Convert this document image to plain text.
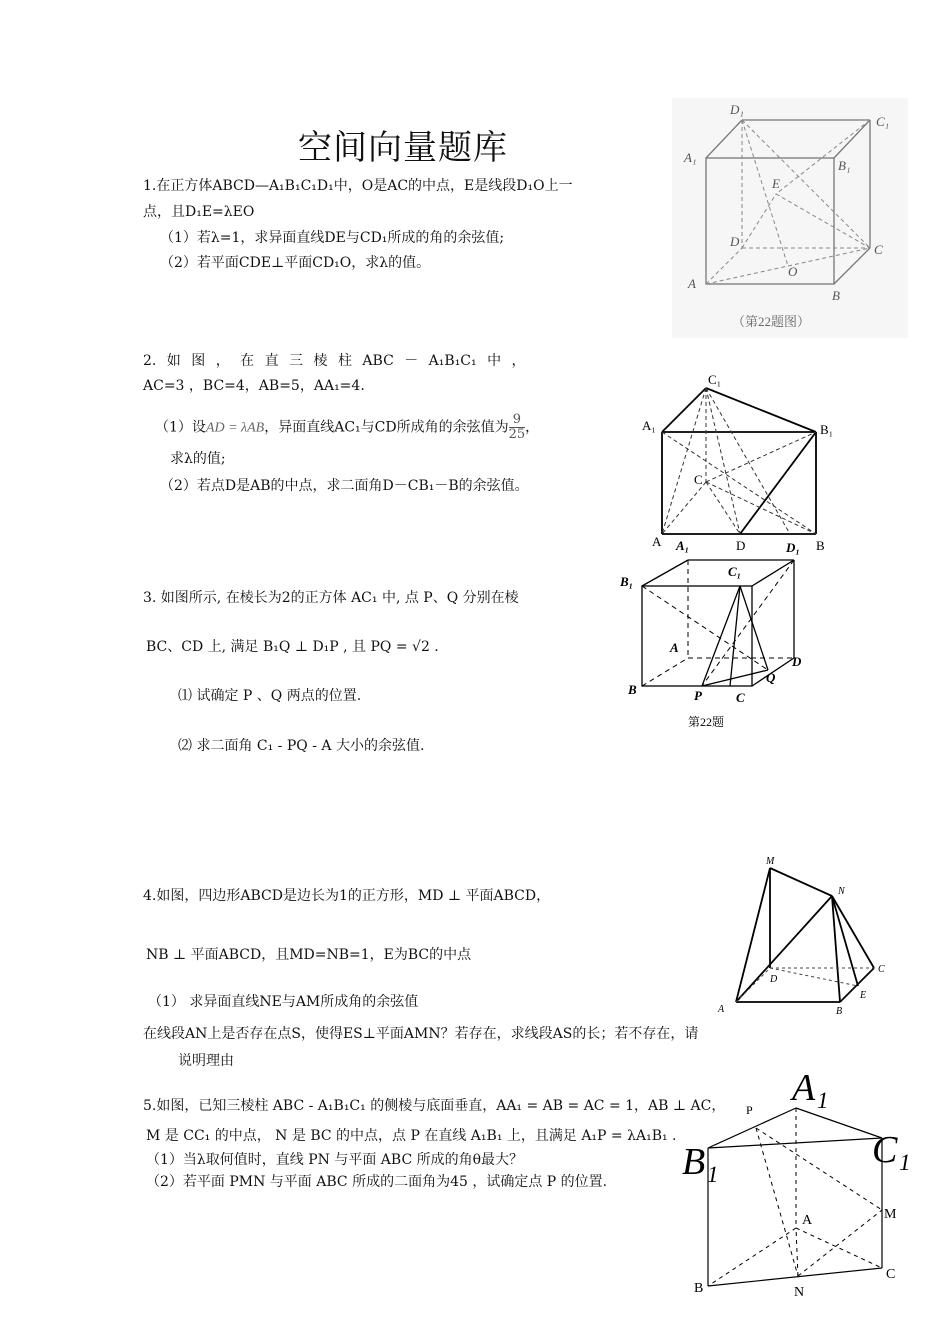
空间向量题库
1.在正方体ABCD—A₁B₁C₁D₁中，O是AC的中点，E是线段D₁O上一
点，且D₁E=λEO
（1）若λ=1，求异面直线DE与CD₁所成的角的余弦值;
（2）若平面CDE⊥平面CD₁O，求λ的值。
D₁
C₁
A₁
B₁
E
D
C
O
A
B
（第22题图）
2. 如 图 ， 在 直 三 棱 柱 ABC － A₁B₁C₁ 中 ，
AC=3 ，BC=4，AB=5，AA₁=4.
（1）设AD = λAB，异面直线AC₁与CD所成角的余弦值为 $\frac{9}{25}$ ，
求λ的值;
（2）若点D是AB的中点，求二面角D－CB₁－B的余弦值。
C₁
A₁	B₁
C
A A₁	D	D₁ B
3. 如图所示, 在棱长为2的正方体 AC₁ 中, 点 P、Q 分别在棱
BC、CD 上, 满足 B₁Q ⊥ D₁P , 且 PQ = √2 .
⑴ 试确定 P 、Q 两点的位置.
⑵ 求二面角 C₁ - PQ - A 大小的余弦值.
B₁
C₁
A
D
Q
B	P	C
第22题
4.如图，四边形ABCD是边长为1的正方形，MD ⊥ 平面ABCD，
NB ⊥ 平面ABCD，且MD=NB=1，E为BC的中点
（1） 求异面直线NE与AM所成角的余弦值
在线段AN上是否存在点S，使得ES⊥平面AMN？若存在，求线段AS的长；若不存在，请
说明理由
M
N
D
C
A
E
B
5.如图，已知三棱柱 ABC - A₁B₁C₁ 的侧棱与底面垂直，AA₁ = AB = AC = 1，AB ⊥ AC，
M 是 CC₁ 的中点， N 是 BC 的中点，点 P 在直线 A₁B₁ 上，且满足 A₁P = λA₁B₁ .
（1）当λ取何值时，直线 PN 与平面 ABC 所成的角θ最大？
（2）若平面 PMN 与平面 ABC 所成的二面角为45 ，试确定点 P 的位置.
A₁
P
B₁	C₁
A	M
B	N
C
